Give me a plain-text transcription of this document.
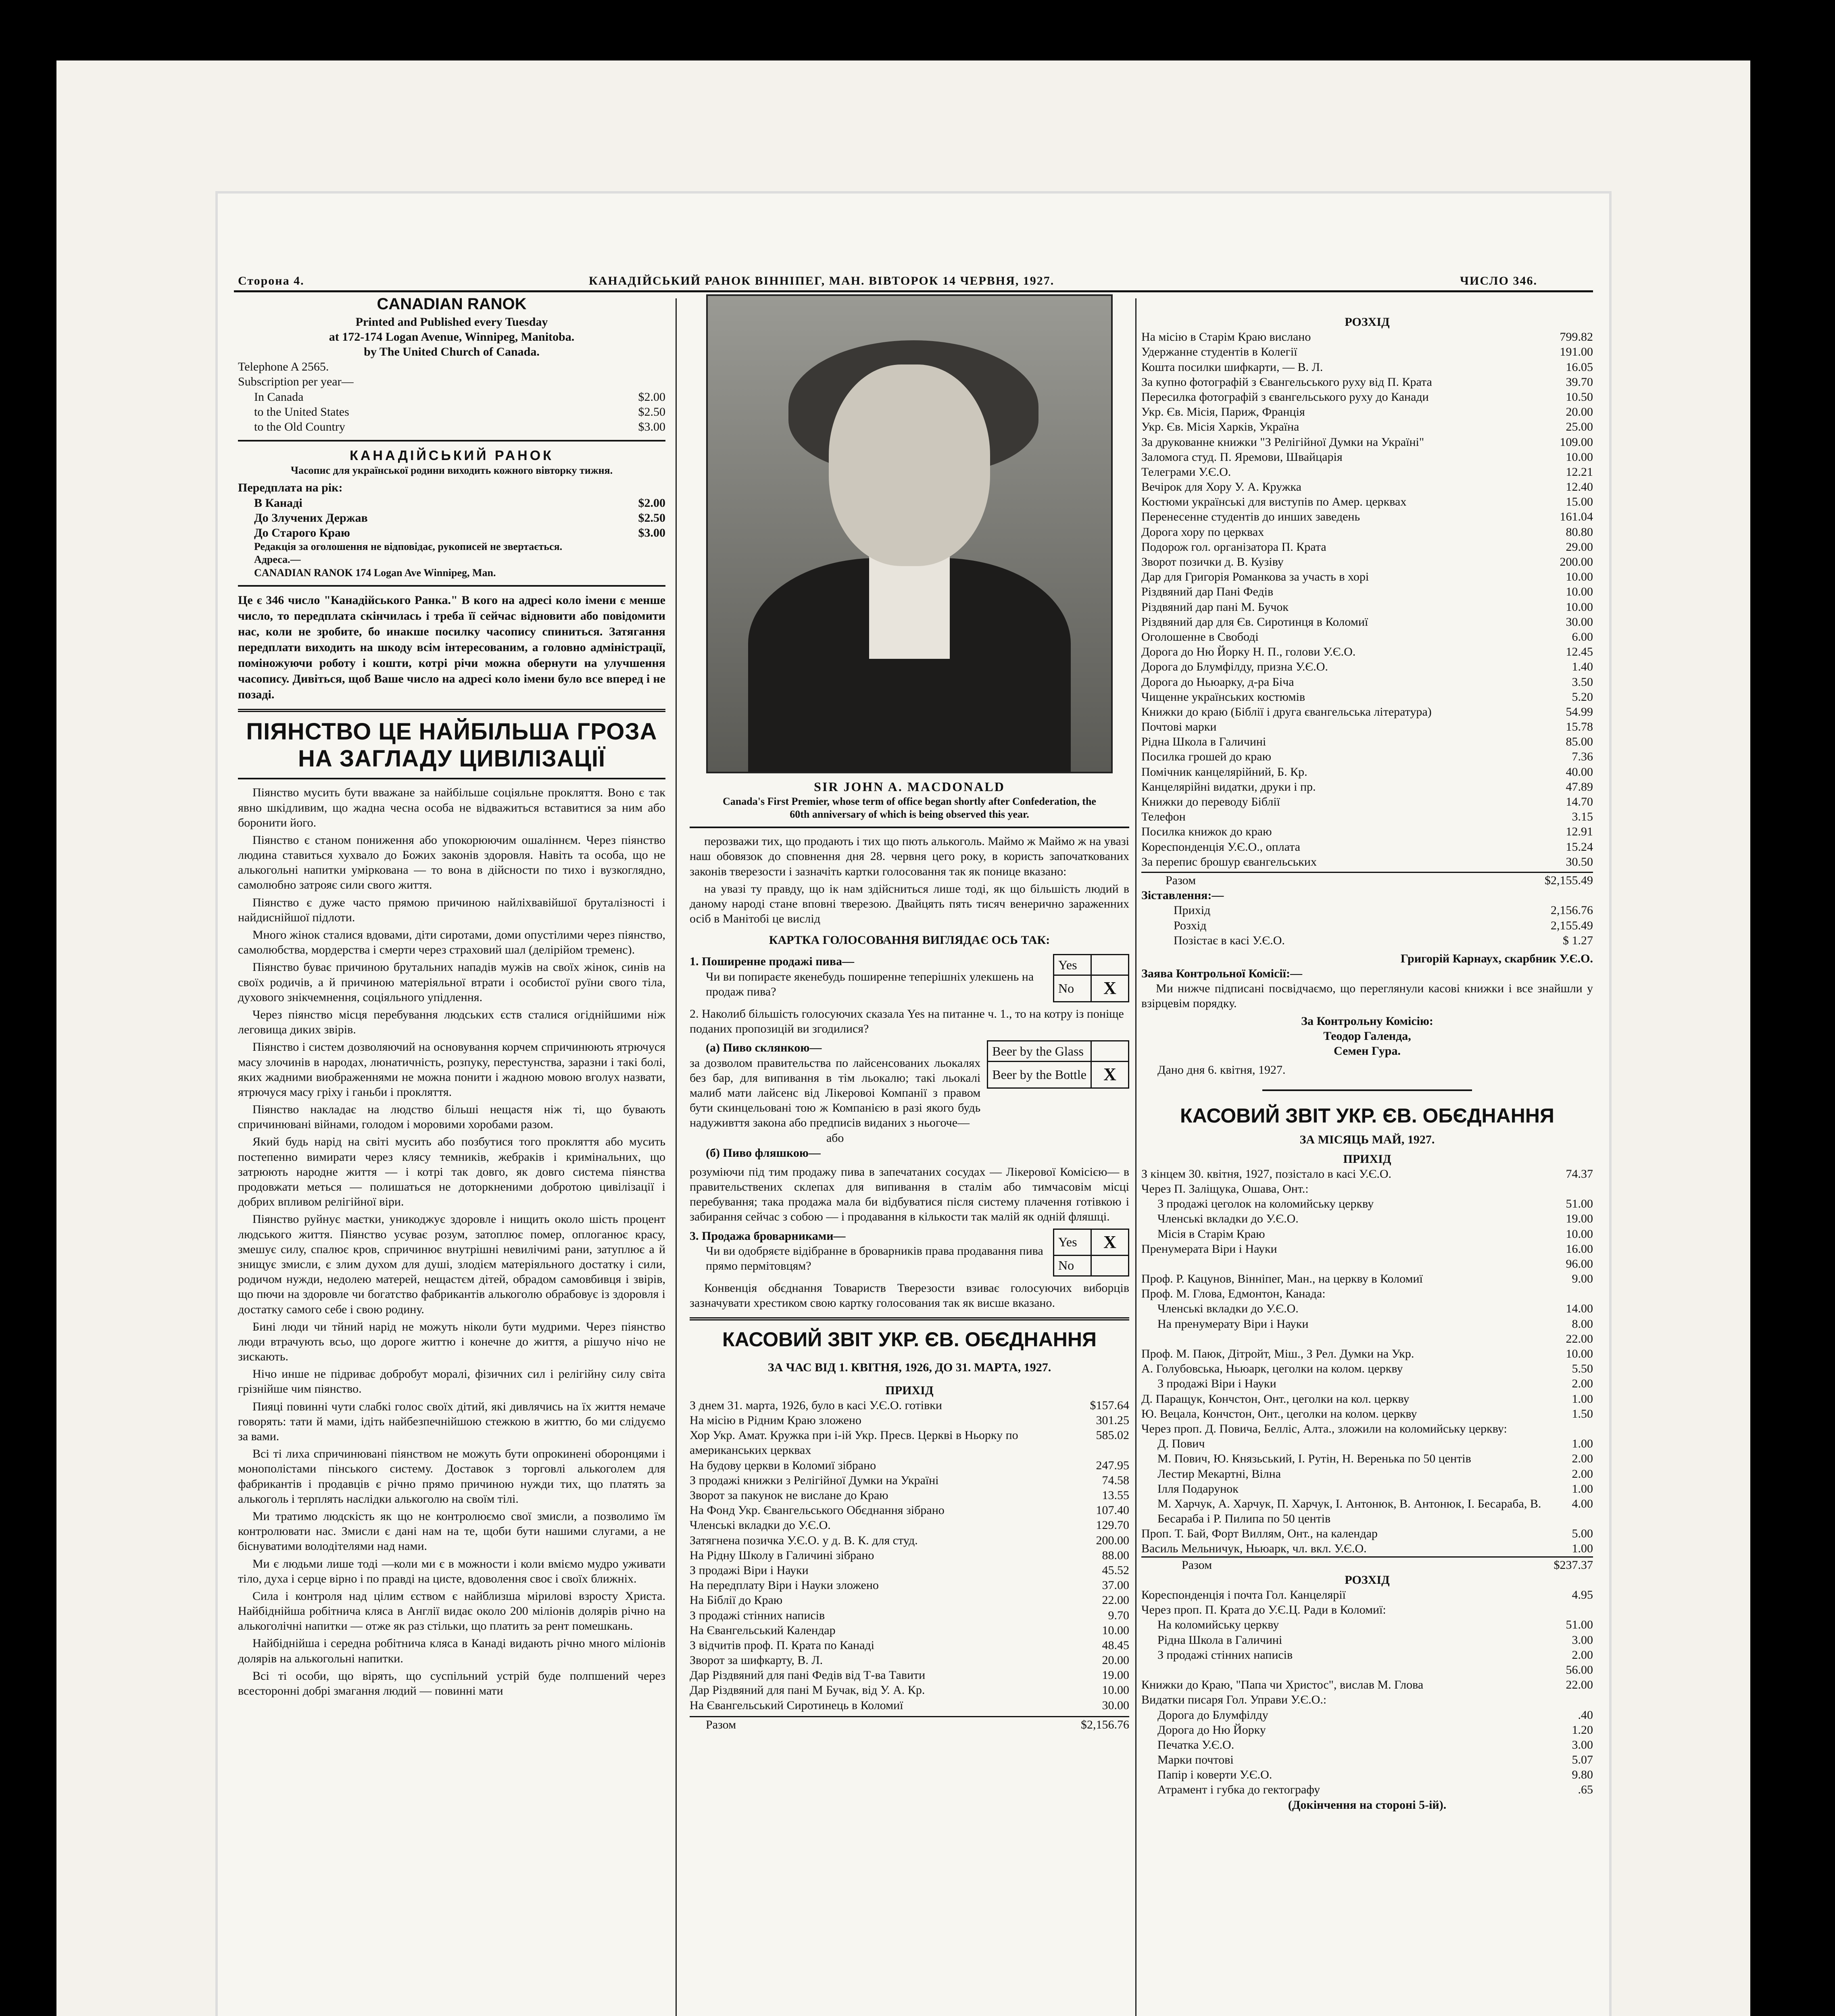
Сторона 4.	КАНАДІЙСЬКИЙ РАНОК ВІННІПЕГ, МАН. ВІВТОРОК 14 ЧЕРВНЯ, 1927.	ЧИСЛО 346.
CANADIAN RANOK
Printed and Published every Tuesday
at 172-174 Logan Avenue, Winnipeg, Manitoba.
by The United Church of Canada.
Telephone A 2565.
Subscription per year—
In Canada	$2.00
to the United States	$2.50
to the Old Country	$3.00
КАНАДІЙСЬКИЙ РАНОК
Часопис для української родини виходить кожного вівторку тижня.
Передплата на рік:
В Канаді	$2.00
До Злучених Держав	$2.50
До Старого Краю	$3.00
Редакція за оголошення не відповідає, рукописей не звертається.
Адреса.—
CANADIAN RANOK 174 Logan Ave Winnipeg, Man.
Це є 346 число "Канадійського Ранка." В кого на адресі коло імени є менше число, то передплата скінчилась і треба її сейчас відновити або повідомити нас, коли не зробите, бо инакше посилку часопису спиниться. Затягання передплати виходить на шкоду всім інтересованим, а головно адміністрації, поміножуючи роботу і кошти, котрі річи можна обернути на улучшення часопису. Дивіться, щоб Ваше число на адресі коло імени було все вперед і не позаді.
ПІЯНСТВО ЦЕ НАЙБІЛЬША ГРОЗА НА ЗАГЛАДУ ЦИВІЛІЗАЦІЇ

Піянство мусить бути вважане за найбільше соціяльне прокляття. Воно є так явно шкідливим, що жадна чесна особа не відважиться вставитися за ним або боронити його.

Піянство є станом пониження або упокорюючим ошаліннєм. Через піянство людина ставиться хухвало до Божих законів здоровля. Навіть та особа, що не алькогольні напитки уміркована — то вона в дійсности по тихо і вузкоглядно, самолюбно затрояє сили свого життя.

Піянство є дуже часто прямою причиною найліхвавійшої бруталізності і найдиснійшої підлоти.

Много жінок сталися вдовами, діти сиротами, доми опустілими через піянство, самолюбства, мордерства і смерти через страховий шал (делірійом тременс).

Піянство буває причиною брутальних нападів мужів на своїх жінок, синів на своїх родичів, а й причиною матеріяльної втрати і особистої руїни свого тіла, духового знікчемнення, соціяльного упідлення.

Через піянство місця перебування людських єств сталися огіднійшими ніж леговища диких звірів.

Піянство і систем дозволяючий на основування корчем спричинюють ятрючуся масу злочинів в народах, люнатичність, розпуку, перестунства, заразни і такі болі, яких жадними виображеннями не можна понити і жадною мовою вголух назвати, ятрючуся масу гріху і ганьби і прокляття.

Піянство накладає на людство більші нещастя ніж ті, що бувають спричинювані війнами, голодом і моровими хоробами разом.

Який будь нарід на світі мусить або позбутися того прокляття або мусить постепенно вимирати через клясу темників, жебраків і кримінальних, що затрюють народне життя — і котрі так довго, як довго система піянства продовжати меться — полишаться не доторкненими добротою цивілізації і добрих впливом релігійної віри.

Піянство руйнує маєтки, уникоджує здоровле і нищить около шість процент людського життя. Піянство усуває розум, затоплює помер, оплоганює красу, змешує силу, спалює кров, спричинює внутрішні невилічимі рани, затуплює а й знищує змисли, є злим духом для душі, злодієм матеріяльного достатку і сили, родичом нужди, недолею матерей, нещастєм дітей, обрадом самовбивця і звірів, що пючи на здоровле чи богатство фабрикантів алькоголю обрабовує із здоровля і достатку самого себе і свою родину.

Бині люди чи тйний нарід не можуть ніколи бути мудрими. Через піянство люди втрачують всьо, що дороге життю і конечне до життя, а рішучо нічо не зискають.

Нічо инше не підриває добробут моралі, фізичних сил і релігійну силу світа грізнійше чим піянство.

Пияці повинні чути слабкі голос своїх дітий, які дивлячись на їх життя немаче говорять: тати й мами, ідіть найбезпечнійшою стежкою в життю, бо ми слідуємо за вами.

Всі ті лиха спричинювані піянством не можуть бути опрокинені оборонцями і монополістами пінського систему. Доставок з торговлі алькоголем для фабрикантів і продавців є річно прямо причиною нужди тих, що платять за алькоголь і терплять наслідки алькоголю на своїм тілі.

Ми тратимо людскість як що не контролюємо свої змисли, а позволимо їм контролювати нас. Змисли є дані нам на те, щоби бути нашими слугами, а не біснуватими володітелями над нами.

Ми є людьми лише тоді —коли ми є в можности і коли вміємо мудро уживати тіло, духа і серце вірно і по правді на цисте, вдоволення своє і своїх ближніх.

Сила і контроля над цілим єством є найблизша мірилові взросту Христа. Найбіднійша робітнича кляса в Англії видає около 200 міліонів долярів річно на алькоголічні напитки — отже як раз стільки, що платить за рент помешкань.

Найбіднійша і середна робітнича кляса в Канаді видають річно много міліонів долярів на алькогольні напитки.

Всі ті особи, що вірять, що суспільний устрій буде полпшений через всесторонні добрі змагання людий — повинні мати

SIR JOHN A. MACDONALD
Canada's First Premier, whose term of office began shortly after Confederation, the 60th anniversary of which is being observed this year.

перозважи тих, що продають і тих що пють алькоголь. Маймо ж Маймо ж на увазі наш обовязок до сповнення дня 28. червня цего року, в користь започаткованих законів тверезости і зазначіть картки голосовання так як понице вказано:

на увазі ту правду, що ік нам здійсниться лише тоді, як що більшість людий в даному народі стане вповні тверезою. Двайцять пять тисяч венерично зараженних осіб в Манітобі це вислід

КАРТКА ГОЛОСОВАННЯ ВИГЛЯДАЄ ОСЬ ТАК:
1. Поширенне продажі пива—
Чи ви попираєте якенебудь поширенне теперішніх улекшень на продаж пива?
Yes	
No	X
2. Наколиб більшість голосуючих сказала Yes на питанне ч. 1., то на котру із поніще поданих пропозицій ви згодилися?
(а) Пиво склянкою—
за дозволом правительства по лайсенсованих льокалях без бар, для випивання в тім льокалю; такі льокалі малиб мати лайсенс від Лікеровоі Компанії з правом бути скинцельовані тою ж Компанією в разі якого будь надуживття закона або предписів виданих з ньогоче—
або
(б) Пиво фляшкою—
Beer by the Glass	
Beer by the Bottle	X
розуміючи під тим продажу пива в запечатаних сосудах — Лікерової Комісією— в правительствених склепах для випивання в сталім або тимчасовім місці перебування; така продажа мала би відбуватися після систему плачення готівкою і забирання сейчас з собою — і продавання в кількости так малій як одній фляшці.
3. Продажа броварниками—
Чи ви одобряєте відібранне в броварників права продавання пива прямо пермітовцям?
Yes	X
No	

Конвенція обєднання Товариств Тверезости взиває голосуючих виборців зазначувати хрестиком свою картку голосования так як висше вказано.

КАСОВИЙ ЗВІТ УКР. ЄВ. ОБЄДНАННЯ
ЗА ЧАС ВІД 1. КВІТНЯ, 1926, ДО 31. МАРТА, 1927.
ПРИХІД
З днем 31. марта, 1926, було в касі У.Є.О. готівки	$157.64
На місію в Рідним Краю зложено	301.25
Хор Укр. Амат. Кружка при і-ій Укр. Пресв. Церкві в Ньорку по американських церквах
585.02
На будову церкви в Коломиї зібрано	247.95
З продажі книжки з Релігійної Думки на Україні	74.58
Зворот за пакунок не вислане до Краю	13.55
На Фонд Укр. Євангельського Обєднання зібрано	107.40
Членські вкладки до У.Є.О.	129.70
Затягнена позичка У.Є.О. у д. В. К. для студ.	200.00
На Рідну Школу в Галичині зібрано	88.00
З продажі Віри і Науки	45.52
На передплату Віри і Науки зложено	37.00
На Біблії до Краю	22.00
З продажі стінних написів	9.70
На Євангельський Календар	10.00
З відчитів проф. П. Крата по Канаді	48.45
Зворот за шифкарту, В. Л.	20.00
Дар Різдвяний для пані Федів від Т-ва Тавити	19.00
Дар Різдвяний для пані М Бучак, від У. А. Кр.	10.00
На Євангельський Сиротинець в Коломиї	30.00
Разом	$2,156.76
РОЗХІД
На місію в Старім Краю вислано	799.82
Удержанне студентів в Колегії	191.00
Кошта посилки шифкарти, — В. Л.	16.05
За купно фотографій з Євангельського руху від П. Крата	39.70
Пересилка фотографій з євангельського руху до Канади	10.50
Укр. Єв. Місія, Париж, Франція	20.00
Укр. Єв. Місія Харків, Україна	25.00
За друкованне книжки "З Релігійної Думки на Україні"	109.00
Заломога студ. П. Яремови, Швайцарія	10.00
Телеграми У.Є.О.	12.21
Вечірок для Хору У. А. Кружка	12.40
Костюми українські для виступів по Амер. церквах	15.00
Перенесенне студентів до инших заведень	161.04
Дорога хору по церквах	80.80
Подорож гол. організатора П. Крата	29.00
Зворот позички д. В. Кузіву	200.00
Дар для Григорія Романкова за участь в хорі	10.00
Різдвяний дар Пані Федів	10.00
Різдвяний дар пані М. Бучок	10.00
Різдвяний дар для Єв. Сиротинця в Коломиї	30.00
Оголошенне в Свободі	6.00
Дорога до Ню Йорку Н. П., голови У.Є.О.	12.45
Дорога до Блумфілду, призна У.Є.О.	1.40
Дорога до Ньюарку, д-ра Біча	3.50
Чищенне українських костюмів	5.20
Книжки до краю (Біблії і друга євангельська література)	54.99
Почтові марки	15.78
Рідна Школа в Галичині	85.00
Посилка грошей до краю	7.36
Помічник канцелярійний, Б. Кр.	40.00
Канцелярійні видатки, друки і пр.	47.89
Книжки до переводу Біблії	14.70
Телефон	3.15
Посилка книжок до краю	12.91
Кореспонденція У.Є.О., оплата	15.24
За перепис брошур євангельських	30.50
Разом	$2,155.49
Зіставлення:—
Прихід	2,156.76
Розхід	2,155.49
Позістає в касі У.Є.О.	$ 1.27
Григорій Карнаух, скарбник У.Є.О.
Заява Контрольної Комісії:—

Ми нижче підписані посвідчаємо, що переглянули касові книжки і все знайшли у взірцевім порядку.

За Контрольну Комісію:
Теодор Галенда,
Семен Гура.
Дано дня 6. квітня, 1927.
КАСОВИЙ ЗВІТ УКР. ЄВ. ОБЄДНАННЯ
ЗА МІСЯЦЬ МАЙ, 1927.
ПРИХІД
З кінцем 30. квітня, 1927, позістало в касі У.Є.О.	74.37
Через П. Заліщука, Ошава, Онт.:
З продажі цеголок на коломийську церкву	51.00
Членські вкладки до У.Є.О.	19.00
Місія в Старім Краю	10.00
Пренумерата Віри і Науки	16.00
96.00
Проф. Р. Кацунов, Вінніпег, Ман., на церкву в Коломиї	9.00
Проф. М. Глова, Едмонтон, Канада:
Членські вкладки до У.Є.О.	14.00
На пренумерату Віри і Науки	8.00
22.00
Проф. М. Паюк, Дітройт, Міш., З Рел. Думки на Укр.	10.00
А. Голубовська, Ньюарк, цеголки на колом. церкву	5.50
З продажі Віри і Науки	2.00
Д. Паращук, Кончстон, Онт., цеголки на кол. церкву	1.00
Ю. Вецала, Кончстон, Онт., цеголки на колом. церкву	1.50
Через проп. Д. Повича, Белліс, Алта., зложили на коломийську церкву:
Д. Пович	1.00
М. Пович, Ю. Князьський, І. Рутін, Н. Веренька по 50 центів	2.00
Лестир Мекартні, Вілна	2.00
Ілля Подарунок	1.00
М. Харчук, А. Харчук, П. Харчук, І. Антонюк, В. Антонюк, І. Бесараба, В. Бесараба і Р. Пилипа по 50 центів
4.00
Проп. Т. Бай, Форт Виллям, Онт., на календар	5.00
Василь Мельничук, Ньюарк, чл. вкл. У.Є.О.	1.00
Разом	$237.37
РОЗХІД
Кореспонденція і почта Гол. Канцелярії	4.95
Через проп. П. Крата до У.Є.Ц. Ради в Коломиї:
На коломийську церкву	51.00
Рідна Школа в Галичині	3.00
З продажі стінних написів	2.00
56.00
Книжки до Краю, "Папа чи Христос", вислав М. Глова	22.00
Видатки писаря Гол. Управи У.Є.О.:
Дорога до Блумфілду	.40
Дорога до Ню Йорку	1.20
Печатка У.Є.О.	3.00
Марки почтові	5.07
Папір і коверти У.Є.О.	9.80
Атрамент і губка до гектографу	.65
(Докінчення на стороні 5-ій).
